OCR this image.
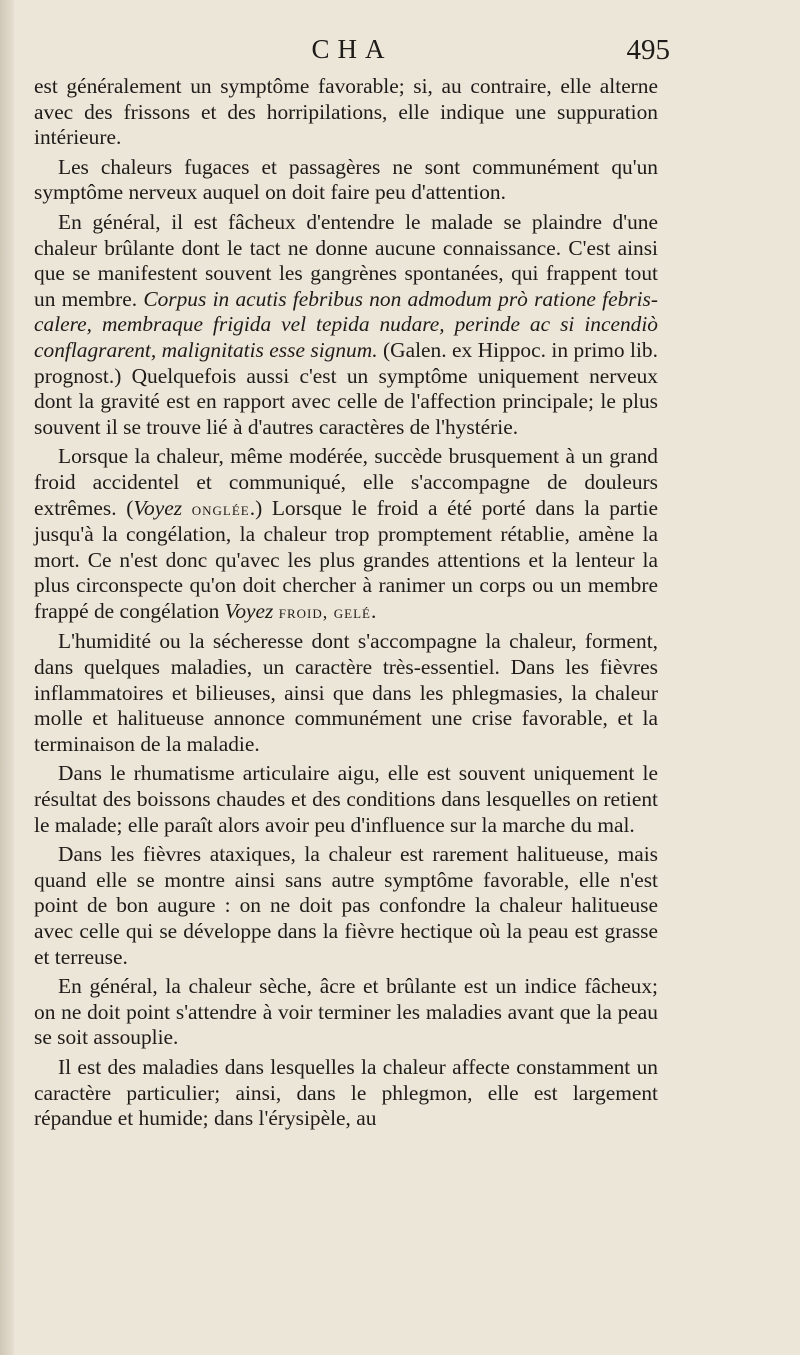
CHA	495

est généralement un symptôme favorable; si, au contraire, elle alterne avec des frissons et des horripilations, elle indique une suppuration intérieure.

Les chaleurs fugaces et passagères ne sont communément qu'un symptôme nerveux auquel on doit faire peu d'attention.

En général, il est fâcheux d'entendre le malade se plaindre d'une chaleur brûlante dont le tact ne donne aucune connaissance. C'est ainsi que se manifestent souvent les gangrènes spontanées, qui frappent tout un membre. Corpus in acutis febribus non admodum prò ratione febris-calere, membraque frigida vel tepida nudare, perinde ac si incendiò conflagrarent, malignitatis esse signum. (Galen. ex Hippoc. in primo lib. prognost.) Quelquefois aussi c'est un symptôme uniquement nerveux dont la gravité est en rapport avec celle de l'affection principale; le plus souvent il se trouve lié à d'autres caractères de l'hystérie.

Lorsque la chaleur, même modérée, succède brusquement à un grand froid accidentel et communiqué, elle s'accompagne de douleurs extrêmes. (Voyez onglée.) Lorsque le froid a été porté dans la partie jusqu'à la congélation, la chaleur trop promptement rétablie, amène la mort. Ce n'est donc qu'avec les plus grandes attentions et la lenteur la plus circonspecte qu'on doit chercher à ranimer un corps ou un membre frappé de congélation Voyez froid, gelé.

L'humidité ou la sécheresse dont s'accompagne la chaleur, forment, dans quelques maladies, un caractère très-essentiel. Dans les fièvres inflammatoires et bilieuses, ainsi que dans les phlegmasies, la chaleur molle et halitueuse annonce communément une crise favorable, et la terminaison de la maladie.

Dans le rhumatisme articulaire aigu, elle est souvent uniquement le résultat des boissons chaudes et des conditions dans lesquelles on retient le malade; elle paraît alors avoir peu d'influence sur la marche du mal.

Dans les fièvres ataxiques, la chaleur est rarement halitueuse, mais quand elle se montre ainsi sans autre symptôme favorable, elle n'est point de bon augure : on ne doit pas confondre la chaleur halitueuse avec celle qui se développe dans la fièvre hectique où la peau est grasse et terreuse.

En général, la chaleur sèche, âcre et brûlante est un indice fâcheux; on ne doit point s'attendre à voir terminer les maladies avant que la peau se soit assouplie.

Il est des maladies dans lesquelles la chaleur affecte constamment un caractère particulier; ainsi, dans le phlegmon, elle est largement répandue et humide; dans l'érysipèle, au
